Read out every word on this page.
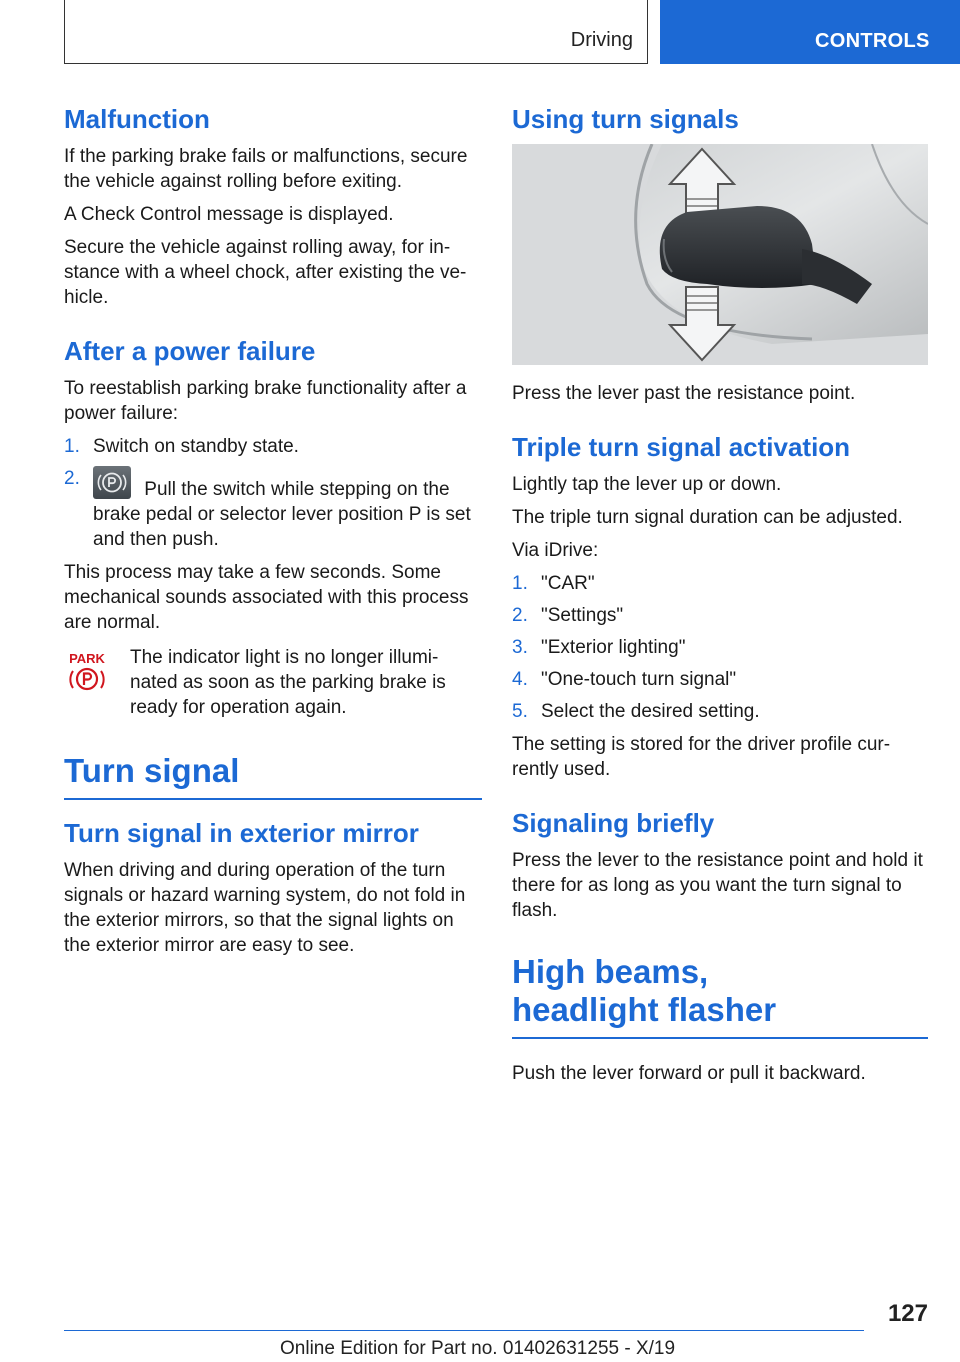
Driving	CONTROLS
Malfunction

If the parking brake fails or malfunctions, secure the vehicle against rolling before exiting.

A Check Control message is displayed.

Secure the vehicle against rolling away, for in-stance with a wheel chock, after existing the ve-hicle.

After a power failure

To reestablish parking brake functionality after a power failure:

1. Switch on standby state.
2.
Pull the switch while stepping on the brake pedal or selector lever position P is set and then push.

This process may take a few seconds. Some mechanical sounds associated with this process are normal.

PARK The indicator light is no longer illumi-nated as soon as the parking brake is ready for operation again.

Turn signal
Turn signal in exterior mirror

When driving and during operation of the turn signals or hazard warning system, do not fold in the exterior mirrors, so that the signal lights on the exterior mirror are easy to see.

Using turn signals

Press the lever past the resistance point.

Triple turn signal activation

Lightly tap the lever up or down.

The triple turn signal duration can be adjusted.

Via iDrive:

1. "CAR"
2. "Settings"
3. "Exterior lighting"
4. "One-touch turn signal"
5. Select the desired setting.

The setting is stored for the driver profile cur-rently used.

Signaling briefly

Press the lever to the resistance point and hold it there for as long as you want the turn signal to flash.

High beams,
headlight flasher

Push the lever forward or pull it backward.

127
Online Edition for Part no. 01402631255 - X/19
